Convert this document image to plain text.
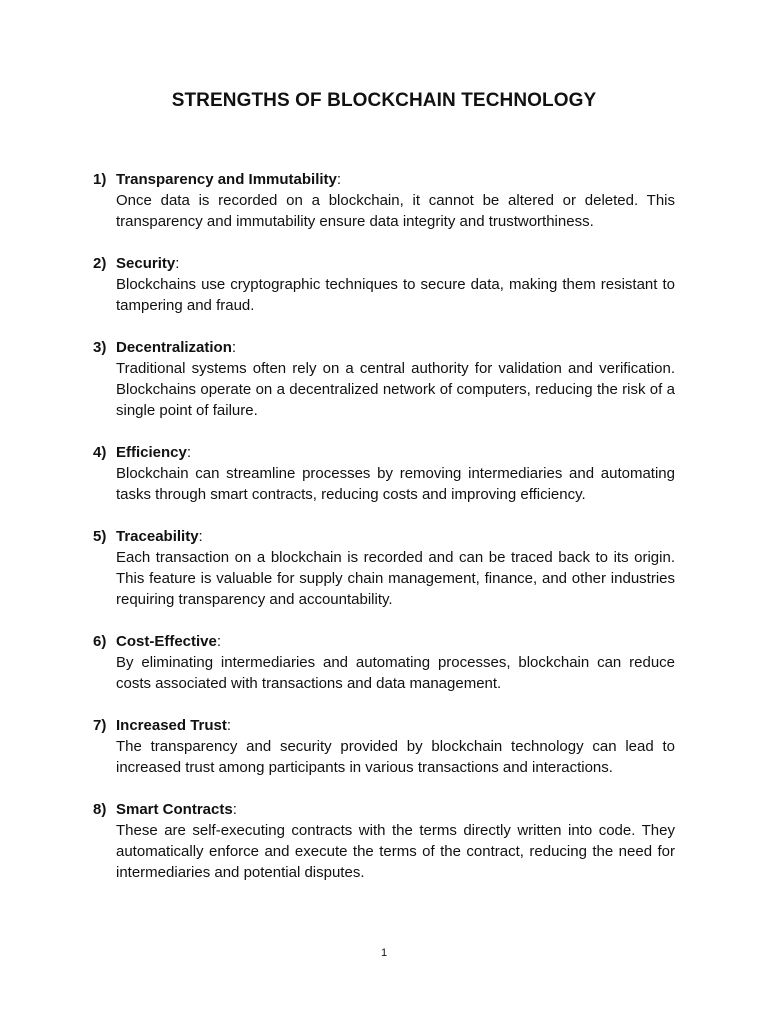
STRENGTHS OF BLOCKCHAIN TECHNOLOGY
1) Transparency and Immutability:
Once data is recorded on a blockchain, it cannot be altered or deleted. This transparency and immutability ensure data integrity and trustworthiness.
2) Security:
Blockchains use cryptographic techniques to secure data, making them resistant to tampering and fraud.
3) Decentralization:
Traditional systems often rely on a central authority for validation and verification. Blockchains operate on a decentralized network of computers, reducing the risk of a single point of failure.
4) Efficiency:
Blockchain can streamline processes by removing intermediaries and automating tasks through smart contracts, reducing costs and improving efficiency.
5) Traceability:
Each transaction on a blockchain is recorded and can be traced back to its origin. This feature is valuable for supply chain management, finance, and other industries requiring transparency and accountability.
6) Cost-Effective:
By eliminating intermediaries and automating processes, blockchain can reduce costs associated with transactions and data management.
7) Increased Trust:
The transparency and security provided by blockchain technology can lead to increased trust among participants in various transactions and interactions.
8) Smart Contracts:
These are self-executing contracts with the terms directly written into code. They automatically enforce and execute the terms of the contract, reducing the need for intermediaries and potential disputes.
1
